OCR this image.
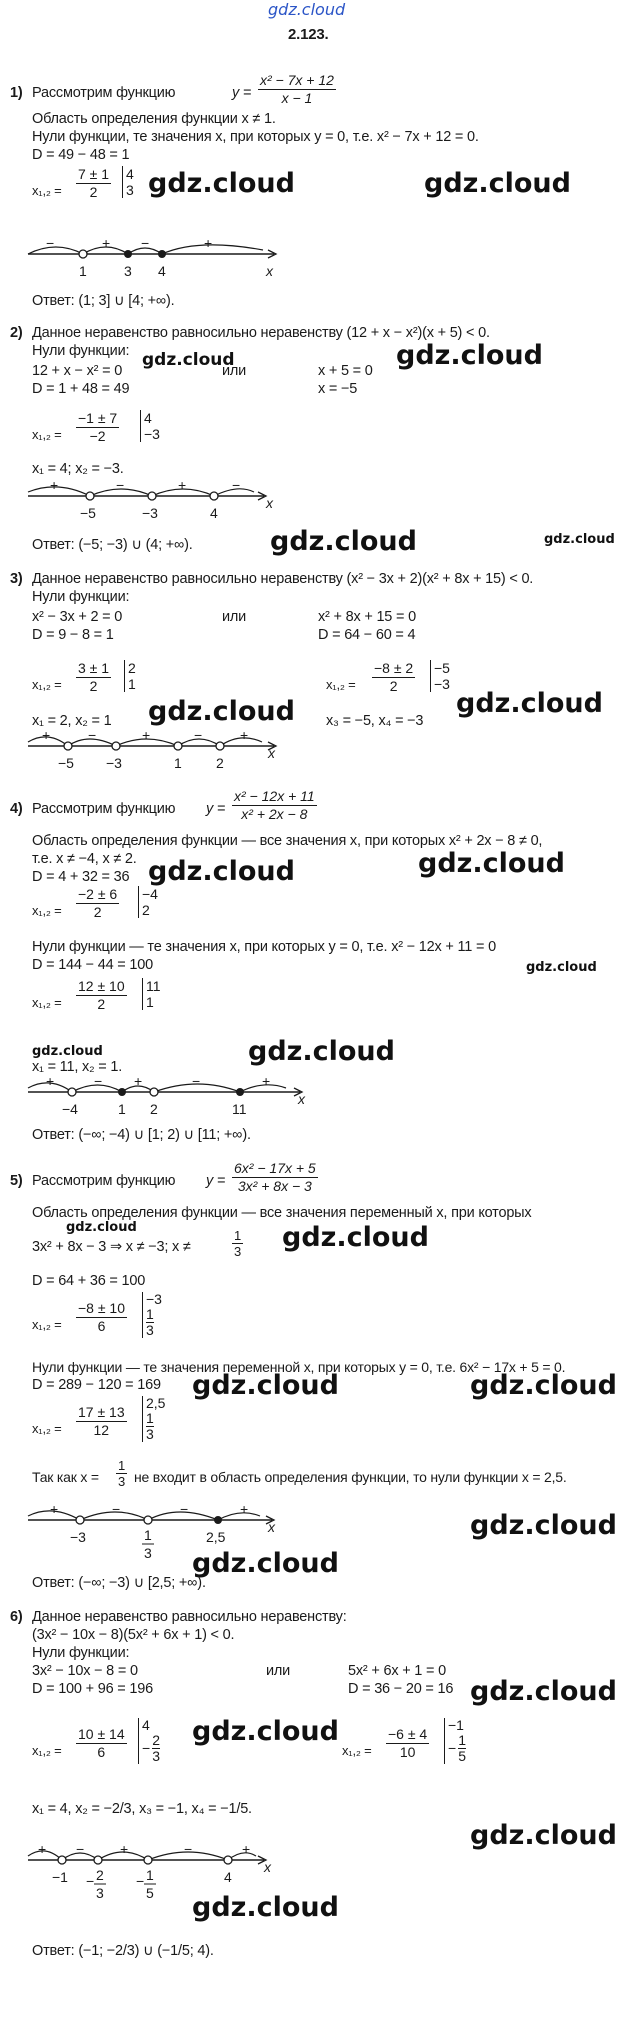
gdz.cloud
2.123.
1) Рассмотрим функцию	$y = \frac{\text{x² − 7x + 12}}{x - 1}$
Область определения функции x ≠ 1.
Нули функции, те значения x, при которых y = 0, т.е. x² − 7x + 12 = 0.
D = 49 − 48 = 1
$x_1,_2 = \frac{7 \pm 1}{2} 4$
3 gdz.cloud	gdz.cloud
−	+ −	+
1	3 4	x
Ответ: (1; 3] ∪ [4; +∞).
2) Данное неравенство равносильно неравенству (12 + x − x²)(x + 5) < 0.
Нули функции: gdz.cloud	gdz.cloud
12 + x − x² = 0	или	x + 5 = 0
D = 1 + 48 = 49	x = −5
$x_1,_2 = \frac{-1 \pm 7}{-2} 4$
−3
x₁ = 4; x₂ = −3.
+	−	+	−
−5	−3	4
x
gdz.cloud	gdz.cloud
Ответ: (−5; −3) ∪ (4; +∞).
3) Данное неравенство равносильно неравенству (x² − 3x + 2)(x² + 8x + 15) < 0.
Нули функции:
x² − 3x + 2 = 0	или	x² + 8x + 15 = 0
D = 9 − 8 = 1	D = 64 − 60 = 4
$x_1,_2 = \frac{3 \pm 1}{2} 2$
1	$x_1,_2 = \frac{-8 \pm 2}{2} -5$
−3
gdz.cloud	gdz.cloud
x₁ = 2, x₂ = 1	x₃ = −5, x₄ = −3
+	−	+	−	+
−5 −3	1 2
x
4) Рассмотрим функцию $y = \frac{\text{x² − 12x + 11}}{\text{x² + 2x − 8}}$
Область определения функции — все значения x, при которых x² + 2x − 8 ≠ 0,
т.е. x ≠ −4, x ≠ 2. gdz.cloud	gdz.cloud
D = 4 + 32 = 36
$x_1,_2 = \frac{-2 \pm 6}{2} -4$
2
Нули функции — те значения x, при которых y = 0, т.е. x² − 12x + 11 = 0
D = 144 − 44 = 100	gdz.cloud
$x_1,_2 = \frac{12 \pm 10}{2} 11$
1
gdz.cloud	gdz.cloud
x₁ = 11, x₂ = 1.
+	− +	−	+
−4	1 2	11
x
Ответ: (−∞; −4) ∪ [1; 2) ∪ [11; +∞).
5) Рассмотрим функцию $y = \frac{\text{6x² − 17x + 5}}{\text{3x² + 8x − 3}}$
Область определения функции — все значения переменный x, при которых
gdz.cloud
3x² + 8x − 3 ⇒ x ≠ −3; x ≠	$\frac{1}{3}$ gdz.cloud
D = 64 + 36 = 100
$x_1,_2 = \frac{-8 \pm 10}{6}$
−3
1
3
Нули функции — те значения переменной x, при которых y = 0, т.е. 6x² − 17x + 5 = 0.
D = 289 − 120 = 169 gdz.cloud	gdz.cloud
$x_1,_2 = \frac{17 \pm 13}{12}$
2,5
1
3
Так как $x = \frac{1}{3}$ не входит в область определения функции, то нули функции x = 2,5.
+	−	−	+
−3	1
3
2,5
x	gdz.cloud
gdz.cloud
Ответ: (−∞; −3) ∪ [2,5; +∞).
6) Данное неравенство равносильно неравенству:
(3x² − 10x − 8)(5x² + 6x + 1) < 0.
Нули функции:
3x² − 10x − 8 = 0	или	5x² + 6x + 1 = 0
D = 100 + 96 = 196	D = 36 − 20 = 16 gdz.cloud
gdz.cloud
$x_1,_2 = \frac{10 \pm 14}{6}$
4
− $\frac{2}{3}$	$x_1,_2 = \frac{-6 \pm 4}{10}$
−1
− $\frac{1}{5}$
x₁ = 4, x₂ = −2/3, x₃ = −1, x₄ = −1/5.
gdz.cloud
+ −	+	−	+
−1 − 2
3
− 1
5
4
x
gdz.cloud
Ответ: (−1; −2/3) ∪ (−1/5; 4).
